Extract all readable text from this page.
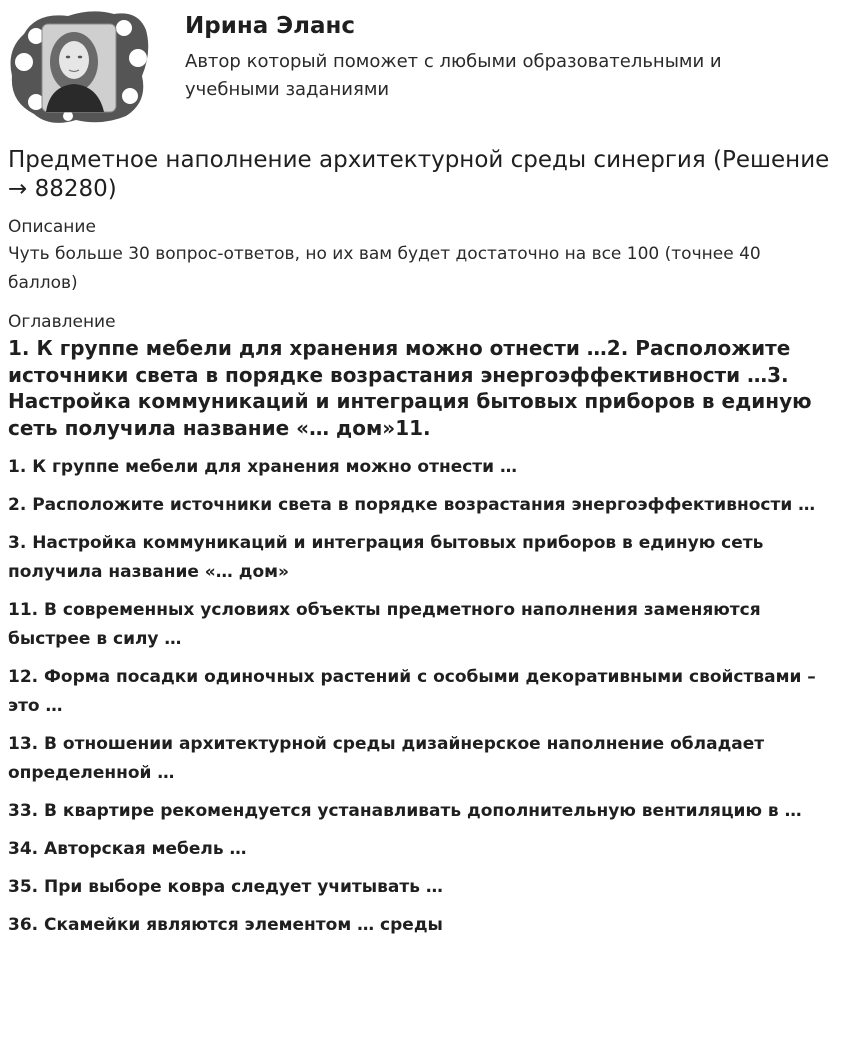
Ирина Эланс

Автор который поможет с любыми образовательными и учебными заданиями

Предметное наполнение архитектурной среды синергия (Решение → 88280)

Описание

Чуть больше 30 вопрос-ответов, но их вам будет достаточно на все 100 (точнее 40 баллов)

Оглавление

1. К группе мебели для хранения можно отнести …2. Расположите источники света в порядке возрастания энергоэффективности …3. Настройка коммуникаций и интеграция бытовых приборов в единую сеть получила название «… дом»11.
1. К группе мебели для хранения можно отнести …
2. Расположите источники света в порядке возрастания энергоэффективности …
3. Настройка коммуникаций и интеграция бытовых приборов в единую сеть получила название «… дом»
11. В современных условиях объекты предметного наполнения заменяются быстрее в силу …
12. Форма посадки одиночных растений с особыми декоративными свойствами – это …
13. В отношении архитектурной среды дизайнерское наполнение обладает определенной …
33. В квартире рекомендуется устанавливать дополнительную вентиляцию в …
34. Авторская мебель …
35. При выборе ковра следует учитывать …
36. Скамейки являются элементом … среды
